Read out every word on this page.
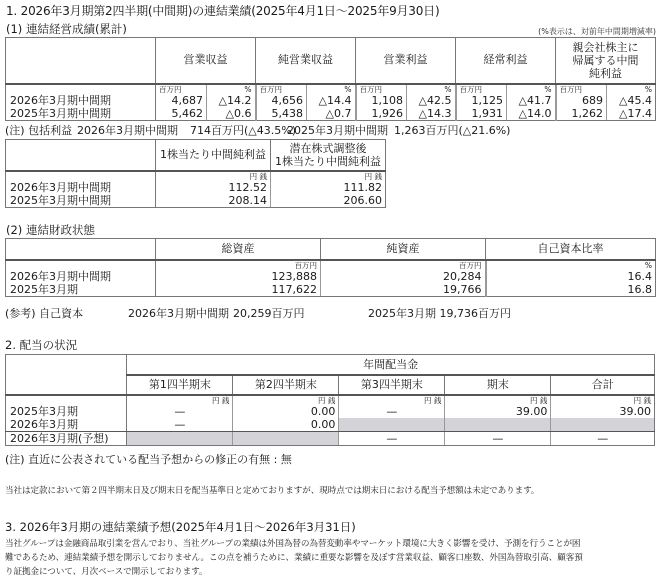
1. 2026年3月期第2四半期(中間期)の連結業績(2025年4月1日～2025年9月30日)
(1) 連結経営成績(累計)	(%表示は、対前年中間期増減率)
	営業収益		純営業収益		営業利益		経常利益		親会社株主に
帰属する中間
純利益	
	百万円	%	百万円	%	百万円	%	百万円	%	百万円	%
2026年3月期中間期	4,687	△14.2	4,656	△14.4	1,108	△42.5	1,125	△41.7	689	△45.4
2025年3月期中間期	5,462	△0.6	5,438	△0.7	1,926	△14.3	1,931	△14.0	1,262	△17.4
(注) 包括利益 2026年3月期中間期 714百万円(△43.5%)
2025年3月期中間期 1,263百万円(△21.6%)
	1株当たり中間純利益	潜在株式調整後
1株当たり中間純利益
	円 銭	円 銭
2026年3月期中間期	112.52	111.82
2025年3月期中間期	208.14	206.60
(2) 連結財政状態
	総資産	純資産	自己資本比率
	百万円	百万円	%
2026年3月期中間期	123,888	20,284	16.4
2025年3月期	117,622	19,766	16.8
(参考) 自己資本	2026年3月期中間期 20,259百万円	2025年3月期 19,736百万円
2. 配当の状況
	年間配当金				
	第1四半期末	第2四半期末	第3四半期末	期末	合計
	円 銭	円 銭	円 銭	円 銭	円 銭
2025年3月期	—	0.00	—	39.00	39.00
2026年3月期	—	0.00			
2026年3月期(予想)			—	—	—
(注) 直近に公表されている配当予想からの修正の有無 : 無
当社は定款において第２四半期末日及び期末日を配当基準日と定めておりますが、現時点では期末日における配当予想額は未定であります。
3. 2026年3月期の連結業績予想(2025年4月1日～2026年3月31日)
当社グループは金融商品取引業を営んでおり、当社グループの業績は外国為替の為替変動率やマーケット環境に大きく影響を受け、予測を行うことが困
難であるため、連結業績予想を開示しておりません。この点を補うために、業績に重要な影響を及ぼす営業収益、顧客口座数、外国為替取引高、顧客預
り証拠金について、月次ベースで開示しております。
